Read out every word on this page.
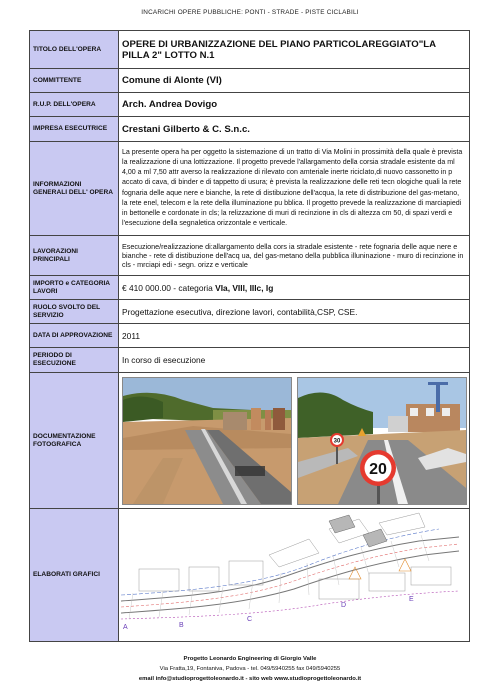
INCARICHI OPERE PUBBLICHE: PONTI - STRADE - PISTE CICLABILI
TITOLO DELL'OPERA	OPERE DI URBANIZZAZIONE DEL PIANO PARTICOLAREGGIATO"LA PILLA 2" LOTTO N.1
COMMITTENTE	Comune di Alonte (VI)
R.U.P. DELL'OPERA	Arch. Andrea Dovigo
IMPRESA ESECUTRICE	Crestani Gilberto & C. S.n.c.
INFORMAZIONI GENERALI DELL' OPERA	La presente opera ha per oggetto la sistemazione di un tratto di Via Molini in prossimità della quale è prevista la realizzazione di una lottizzazione. Il progetto prevede l'allargamento della corsia stradale esistente da ml 4,00 a ml 7,50 attr averso la realizzazione di rilevato con amteriale inerte riciclato,di nuovo cassonetto in p accato di cava, di binder e di tappetto di usura; è prevista la realizzazione delle reti tecn ologiche quali la rete fognaria delle aque nere e bianche, la rete di distibuzione dell'acqua, la rete di distribuzione del gas-metano, la rete enel, telecom e la rete della illuminazione pu bblica. Il progetto prevede la realizzazione di marciapiedi in bettonelle e cordonate in cls; la relizzazione di muri di recinzione in cls di altezza cm 50, di spazi verdi e l'esecuzione della segnaletica orizzontale e verticale.
LAVORAZIONI PRINCIPALI	Esecuzione/realizzazione di:allargamento della cors ia stradale esistente - rete fognaria delle aque nere e bianche - rete di distibuzione dell'acq ua, del gas-metano della pubblica illuninazione - muro di recinzione in cls - mrciapi edi - segn. orizz e verticale
IMPORTO e CATEGORIA LAVORI	€ 410 000.00 - categoria VIa, VIII, IIIc, Ig
RUOLO SVOLTO DEL SERVIZIO	Progettazione esecutiva, direzione lavori, contabilità,CSP, CSE.
DATA DI APPROVAZIONE	2011
PERIODO DI ESECUZIONE	In corso di esecuzione
DOCUMENTAZIONE FOTOGRAFICA	30
20

ELABORATI GRAFICI	A B
C
D
E
Progetto Leonardo Engineering di Giorgio Valle
Via Fratta,19, Fontaniva, Padova - tel. 049/5940255 fax 049/5940255
email info@studioprogettoleonardo.it - sito web www.studioprogettoleonardo.it
